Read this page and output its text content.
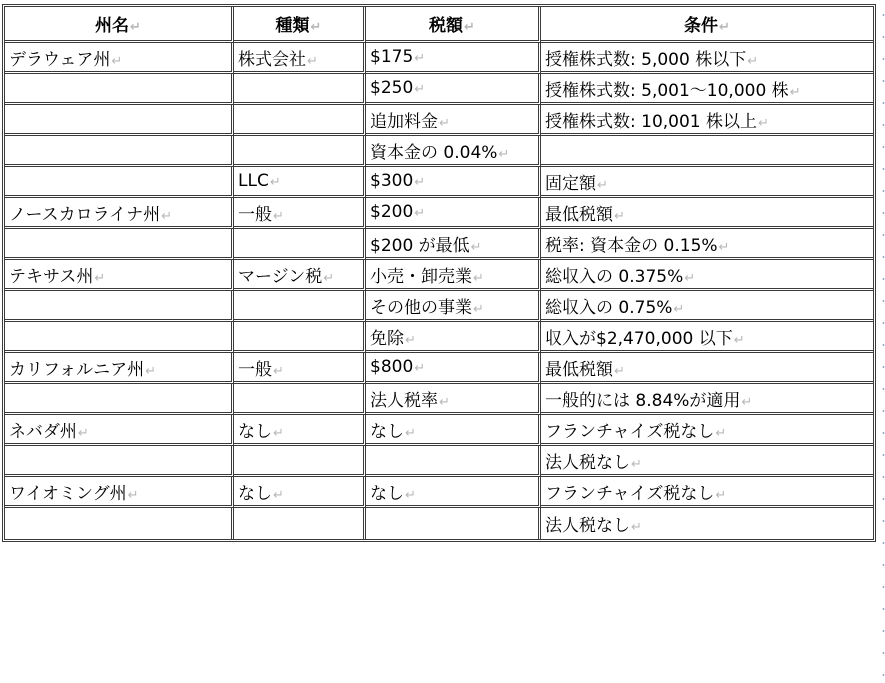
州名↵	種類↵	税額↵	条件↵
デラウェア州↵	株式会社↵	$175↵	授権株式数: 5,000 株以下↵
		$250↵	授権株式数: 5,001～10,000 株↵
		追加料金↵	授権株式数: 10,001 株以上↵
		資本金の 0.04%↵	
	LLC↵	$300↵	固定額↵
ノースカロライナ州↵	一般↵	$200↵	最低税額↵
		$200 が最低↵	税率: 資本金の 0.15%↵
テキサス州↵	マージン税↵	小売・卸売業↵	総収入の 0.375%↵
		その他の事業↵	総収入の 0.75%↵
		免除↵	収入が$2,470,000 以下↵
カリフォルニア州↵	一般↵	$800↵	最低税額↵
		法人税率↵	一般的には 8.84%が適用↵
ネバダ州↵	なし↵	なし↵	フランチャイズ税なし↵
			法人税なし↵
ワイオミング州↵	なし↵	なし↵	フランチャイズ税なし↵
			法人税なし↵
